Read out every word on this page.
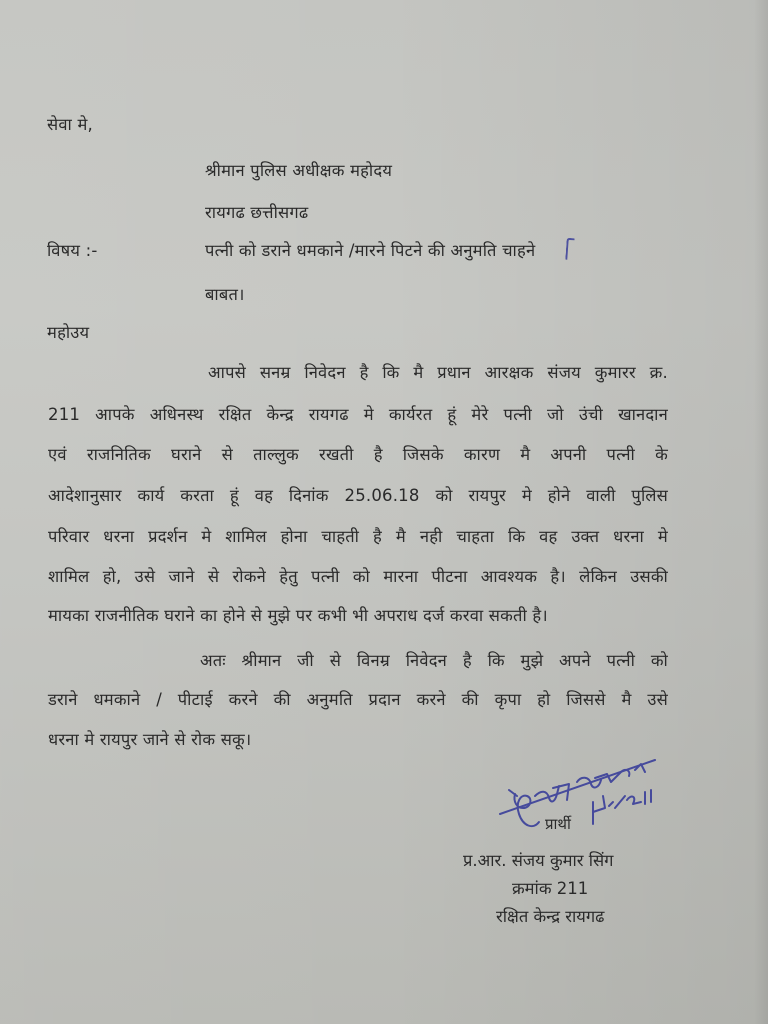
सेवा मे,
श्रीमान पुलिस अधीक्षक महोदय
रायगढ छत्तीसगढ
विषय :-	पत्नी को डराने धमकाने /मारने पिटने की अनुमति चाहने
बाबत।
महोउय
आपसे सनम्र निवेदन है कि मै प्रधान आरक्षक संजय कुमारर क्र.
211 आपके अधिनस्थ रक्षित केन्द्र रायगढ मे कार्यरत हूं मेरे पत्नी जो उंची खानदान
एवं राजनितिक घराने से ताल्लुक रखती है जिसके कारण मै अपनी पत्नी के
आदेशानुसार कार्य करता हूं वह दिनांक 25.06.18 को रायपुर मे होने वाली पुलिस
परिवार धरना प्रदर्शन मे शामिल होना चाहती है मै नही चाहता कि वह उक्त धरना मे
शामिल हो, उसे जाने से रोकने हेतु पत्नी को मारना पीटना आवश्यक है। लेकिन उसकी
मायका राजनीतिक घराने का होने से मुझे पर कभी भी अपराध दर्ज करवा सकती है।
अतः श्रीमान जी से विनम्र निवेदन है कि मुझे अपने पत्नी को
डराने धमकाने / पीटाई करने की अनुमति प्रदान करने की कृपा हो जिससे मै उसे
धरना मे रायपुर जाने से रोक सकू।
प्रार्थी
प्र.आर. संजय कुमार सिंग
क्रमांक 211
रक्षित केन्द्र रायगढ
